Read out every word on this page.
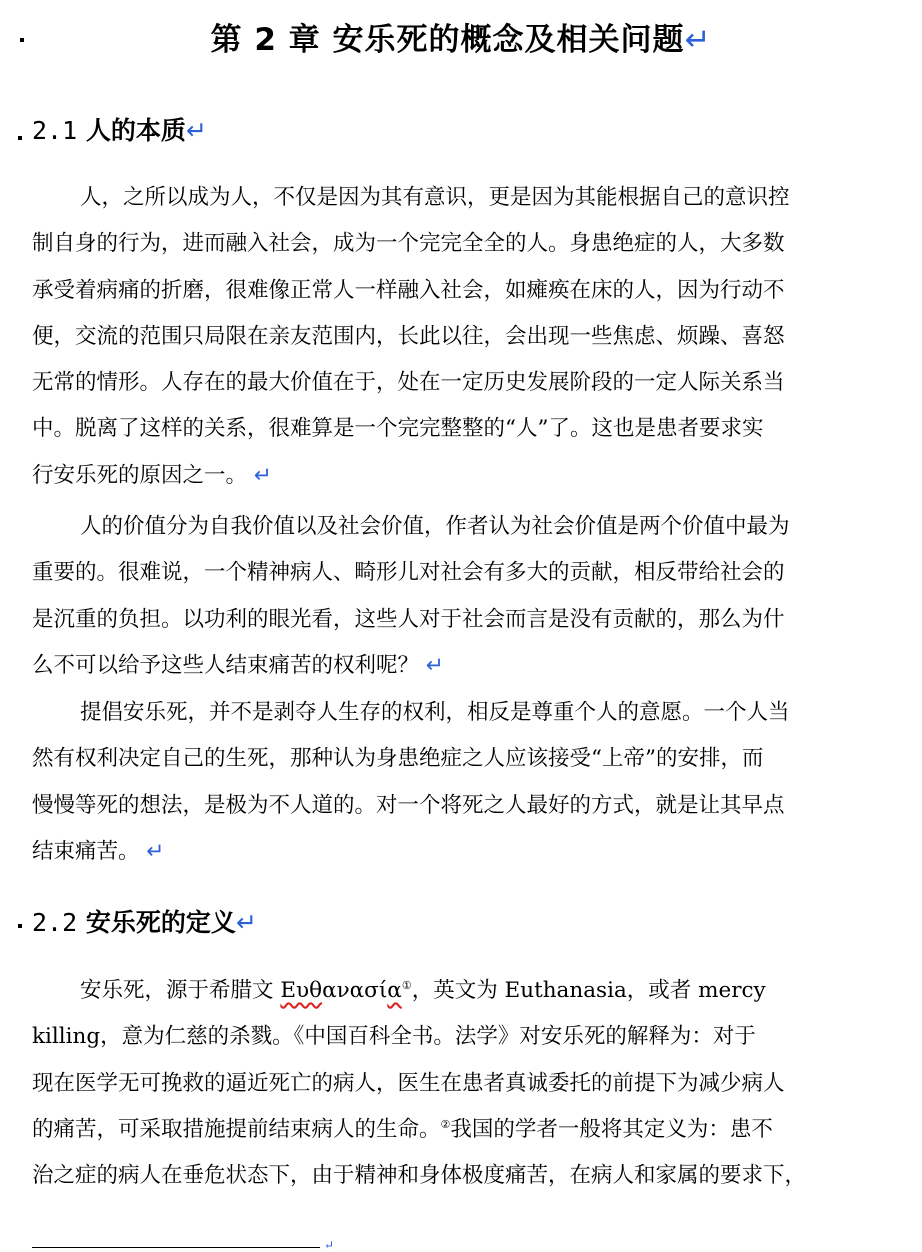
第 2 章 安乐死的概念及相关问题↵
2.1 人的本质↵
人，之所以成为人，不仅是因为其有意识，更是因为其能根据自己的意识控
制自身的行为，进而融入社会，成为一个完完全全的人。身患绝症的人，大多数
承受着病痛的折磨，很难像正常人一样融入社会，如瘫痪在床的人，因为行动不
便，交流的范围只局限在亲友范围内，长此以往，会出现一些焦虑、烦躁、喜怒
无常的情形。人存在的最大价值在于，处在一定历史发展阶段的一定人际关系当
中。脱离了这样的关系，很难算是一个完完整整的“人”了。这也是患者要求实
行安乐死的原因之一。 ↵
人的价值分为自我价值以及社会价值，作者认为社会价值是两个价值中最为
重要的。很难说，一个精神病人、畸形儿对社会有多大的贡献，相反带给社会的
是沉重的负担。以功利的眼光看，这些人对于社会而言是没有贡献的，那么为什
么不可以给予这些人结束痛苦的权利呢？ ↵
提倡安乐死，并不是剥夺人生存的权利，相反是尊重个人的意愿。一个人当
然有权利决定自己的生死，那种认为身患绝症之人应该接受“上帝”的安排，而
慢慢等死的想法，是极为不人道的。对一个将死之人最好的方式，就是让其早点
结束痛苦。 ↵
2.2 安乐死的定义↵
安乐死，源于希腊文 Ευθανασία①，英文为 Euthanasia，或者 mercy
killing，意为仁慈的杀戮。《中国百科全书。法学》对安乐死的解释为：对于
现在医学无可挽救的逼近死亡的病人，医生在患者真诚委托的前提下为减少病人
的痛苦，可采取措施提前结束病人的生命。②我国的学者一般将其定义为：患不
治之症的病人在垂危状态下，由于精神和身体极度痛苦，在病人和家属的要求下，
↵
